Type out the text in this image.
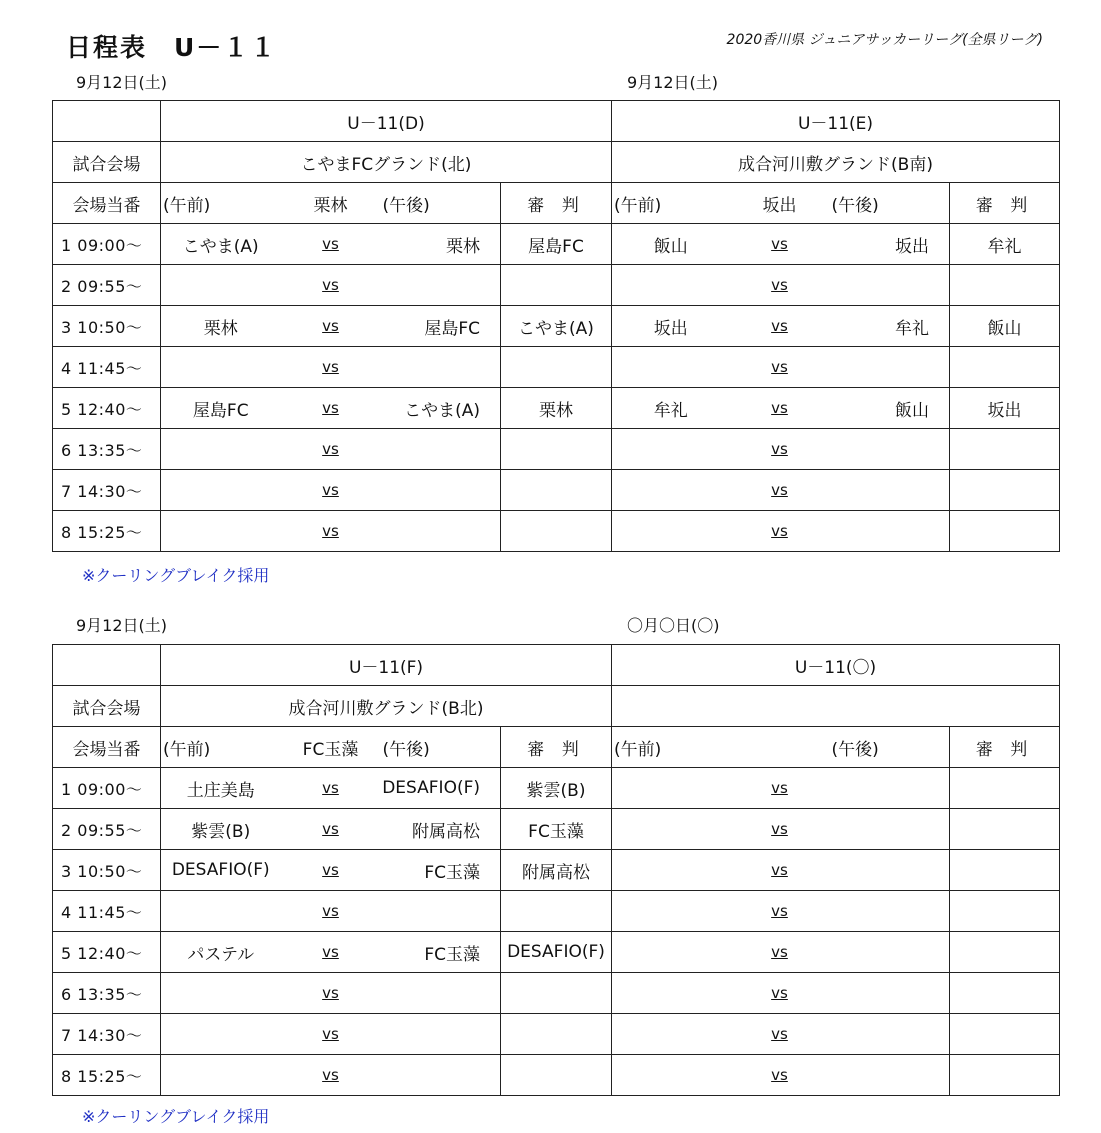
日程表　U－１１	2020香川県 ジュニアサッカーリーグ(全県リーグ)
9月12日(土)	9月12日(土)
	U－11(D)				U－11(E)			
試合会場	こやまFCグランド(北)				成合河川敷グランド(B南)			
会場当番	(午前)	栗林	(午後)	審 判	(午前)	坂出	(午後)	審 判
1 09:00～	こやま(A)	vs	栗林	屋島FC	飯山	vs	坂出	牟礼
2 09:55～		vs				vs		
3 10:50～	栗林	vs	屋島FC	こやま(A)	坂出	vs	牟礼	飯山
4 11:45～		vs				vs		
5 12:40～	屋島FC	vs	こやま(A)	栗林	牟礼	vs	飯山	坂出
6 13:35～		vs				vs		
7 14:30～		vs				vs		
8 15:25～		vs				vs		
※クーリングブレイク採用
9月12日(土)	〇月〇日(〇)
	U－11(F)				U－11(〇)			
試合会場	成合河川敷グランド(B北)							
会場当番	(午前)	FC玉藻	(午後)	審 判	(午前)		(午後)	審 判
1 09:00～	土庄美島	vs	DESAFIO(F)	紫雲(B)		vs		
2 09:55～	紫雲(B)	vs	附属高松	FC玉藻		vs		
3 10:50～	DESAFIO(F)	vs	FC玉藻	附属高松		vs		
4 11:45～		vs				vs		
5 12:40～	パステル	vs	FC玉藻	DESAFIO(F)		vs		
6 13:35～		vs				vs		
7 14:30～		vs				vs		
8 15:25～		vs				vs		
※クーリングブレイク採用
